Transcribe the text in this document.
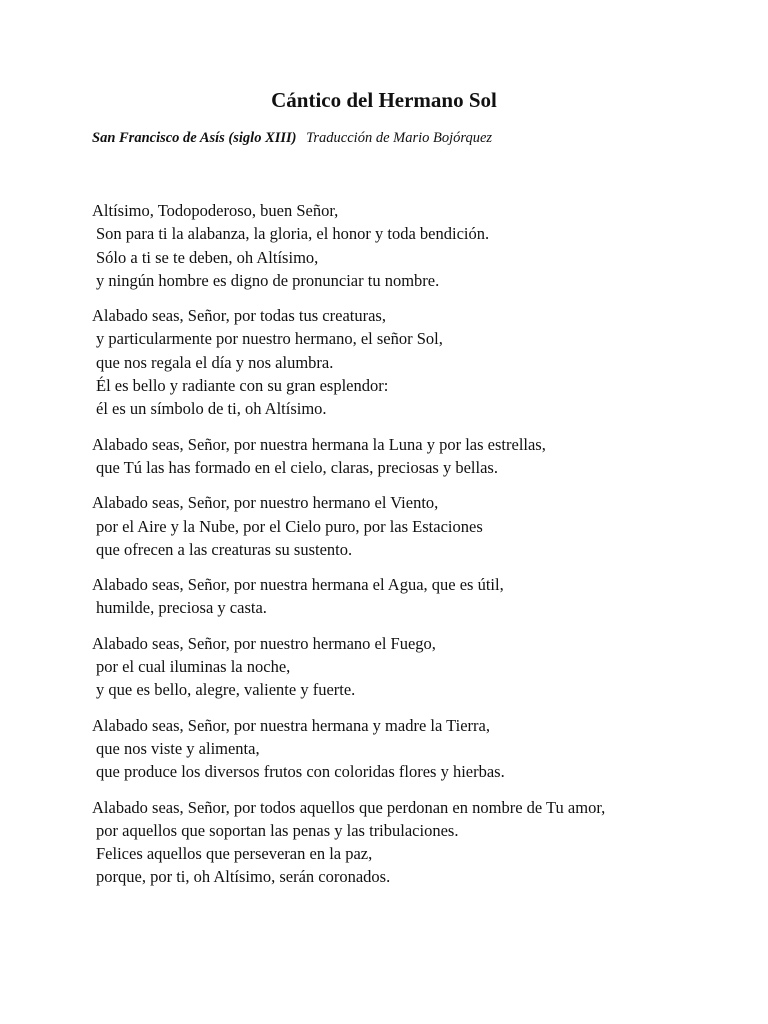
Cántico del Hermano Sol
San Francisco de Asís (siglo XIII) Traducción de Mario Bojórquez
Altísimo, Todopoderoso, buen Señor,
Son para ti la alabanza, la gloria, el honor y toda bendición.
Sólo a ti se te deben, oh Altísimo,
y ningún hombre es digno de pronunciar tu nombre.
Alabado seas, Señor, por todas tus creaturas,
y particularmente por nuestro hermano, el señor Sol,
que nos regala el día y nos alumbra.
Él es bello y radiante con su gran esplendor:
él es un símbolo de ti, oh Altísimo.
Alabado seas, Señor, por nuestra hermana la Luna y por las estrellas,
que Tú las has formado en el cielo, claras, preciosas y bellas.
Alabado seas, Señor, por nuestro hermano el Viento,
por el Aire y la Nube, por el Cielo puro, por las Estaciones
que ofrecen a las creaturas su sustento.
Alabado seas, Señor, por nuestra hermana el Agua, que es útil,
humilde, preciosa y casta.
Alabado seas, Señor, por nuestro hermano el Fuego,
por el cual iluminas la noche,
y que es bello, alegre, valiente y fuerte.
Alabado seas, Señor, por nuestra hermana y madre la Tierra,
que nos viste y alimenta,
que produce los diversos frutos con coloridas flores y hierbas.
Alabado seas, Señor, por todos aquellos que perdonan en nombre de Tu amor,
por aquellos que soportan las penas y las tribulaciones.
Felices aquellos que perseveran en la paz,
porque, por ti, oh Altísimo, serán coronados.
